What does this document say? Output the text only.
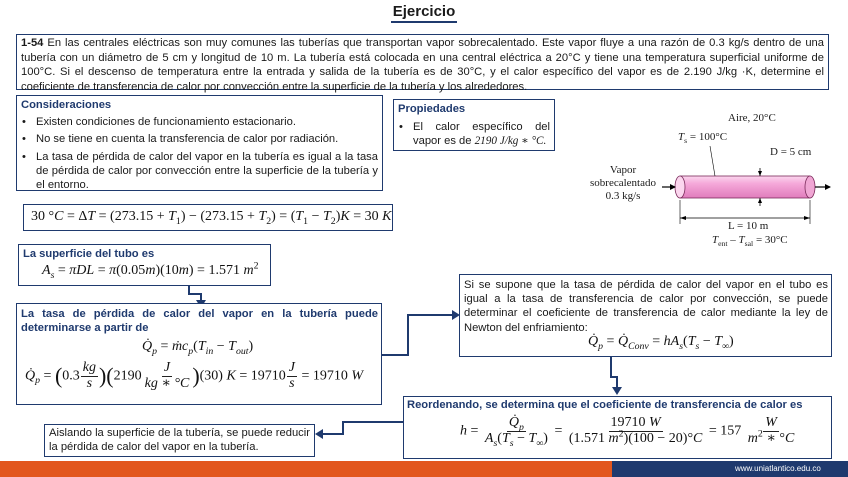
Ejercicio
1-54 En las centrales eléctricas son muy comunes las tuberías que transportan vapor sobrecalentado. Este vapor fluye a una razón de 0.3 kg/s dentro de una tubería con un diámetro de 5 cm y longitud de 10 m. La tubería está colocada en una central eléctrica a 20°C y tiene una temperatura superficial uniforme de 100°C. Si el descenso de temperatura entre la entrada y salida de la tubería es de 30°C, y el calor específico del vapor es de 2.190 J/kg ·K, determine el coeficiente de transferencia de calor por convección entre la superficie de la tubería y los alrededores.
Consideraciones
• Existen condiciones de funcionamiento estacionario.
• No se tiene en cuenta la transferencia de calor por radiación.
• La tasa de pérdida de calor del vapor en la tubería es igual a la tasa de pérdida de calor por convección entre la superficie de la tubería y el entorno.
Propiedades
• El calor específico del vapor es de 2190 J/kg ∗ °C.
Aire, 20°C
$T_s = 100^\circ C$
D = 5 cm
Vapor
sobrecalentado
0.3 kg/s
L = 10 m
$T_{ent} - T_{sal} = 30^\circ C$
30 $^\circ C = \Delta T = (273.15 + T_1) - (273.15 + T_2) = (T_1 - T_2)K = 30$ K
La superficie del tubo es
$A_s = \pi DL = \pi(0.05m)(10m) = 1.571$ $m^2$
La tasa de pérdida de calor del vapor en la tubería puede determinarse a partir de
$Q̇_p$ = $ṁc_p(T_{in} - T_{out})$
$Q̇_p = (0.3 \frac{kg}{s} )(2190 \frac{J}{kg ∗ ^\circ C} )(30) K = 19710 \frac{J}{s} = 19710$ W
Si se supone que la tasa de pérdida de calor del vapor en el tubo es igual a la tasa de transferencia de calor por convección, se puede determinar el coeficiente de transferencia de calor mediante la ley de Newton del enfriamiento:
$Q̇_p$ = $Q̇_{Conv} = hA_s(T_s - T_\infty)$
Reordenando, se determina que el coeficiente de transferencia de calor es
$h = \frac{Q̇_p}{A_s(T_s - T_\infty)} = \frac{19710 W}{(1.571 m^2)(100 - 20)^\circ C} = 157 \frac{W}{m^2 ∗ ^\circ C}$
Aislando la superficie de la tubería, se puede reducir la pérdida de calor del vapor en la tubería.
www.uniatlantico.edu.co
